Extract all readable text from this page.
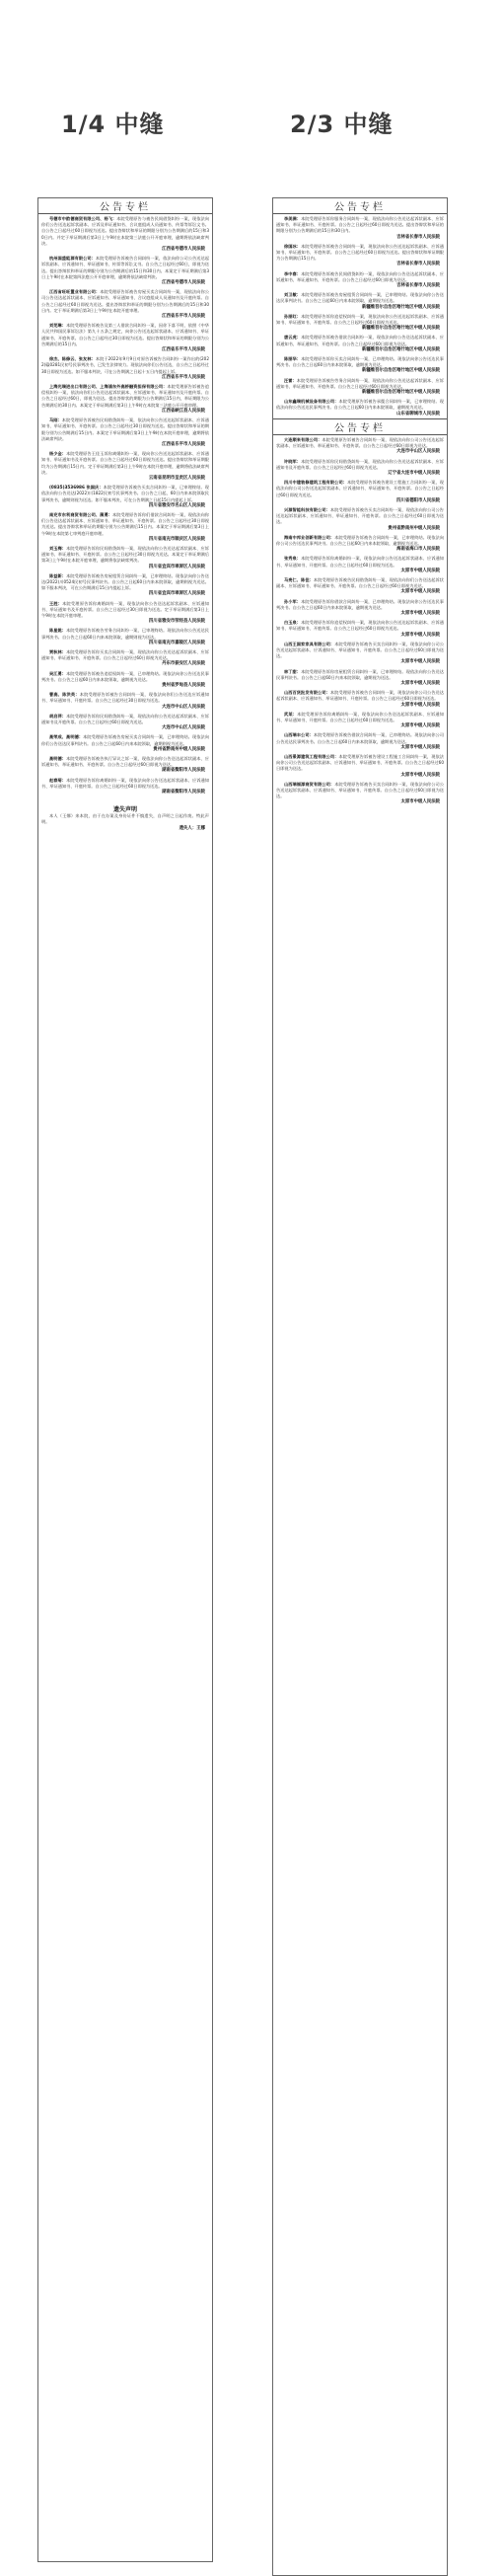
1/4 中缝	2/3 中缝
公告专栏

号德市中韵德商贸有限公司、杨飞：本院受理原告与被告民间借贷纠纷一案，现依法向你们公告送达起诉状副本、应诉及举证通知书、合议庭组成人员通知书、传票等诉讼文书。自公告之日起经过60日即视为送达。提出答辩状和举证的期限分别为公告期满后的15日和30日内。并定于举证期满后第3日上午9时在本院第三法庭公开开庭审理，逾期将依法缺席判决。

江西省号德市人民法院

杭州国盛能源有限公司：本院受理原告诉被告合同纠纷一案，依法向你公司公告送达起诉状副本、应诉通知书、举证通知书、传票等诉讼文书。自公告之日起经过60日，即视为送达。提出答辩状和举证的期限分别为公告期满后的15日和30日内。本案定于举证期满后第3日上午9时在本院第四法庭公开开庭审理，逾期将依法缺席判决。

江西省号德市人民法院

江西省旺旺置业有限公司：本院受理原告诉被告房屋买卖合同纠纷一案，现依法向你公司公告送达起诉状副本、应诉通知书、举证通知书、合议庭组成人员通知书及开庭传票。自公告之日起经过60日即视为送达。提出答辩状和举证的期限分别为公告期满后的15日和30日内。定于举证期满后第3日上午9时在本院开庭审理。

江西省乐平市人民法院

刘芜琳：本院受理原告诉被告及第三人借款合同纠纷一案，因你下落不明，依照《中华人民共和国民事诉讼法》第九十五条之规定，向你公告送达起诉状副本、应诉通知书、举证通知书、开庭传票。自公告之日起经过30日即视为送达。提出答辩状和举证的期限分别为公告期满后的15日内。

江西省乐平市人民法院

徐杰、陈修云、张友林：本院于2022年9月9日对原告诉被告合同纠纷一案作出的(2022)赣0281民初号民事判决书，已发生法律效力。现依法向你们公告送达，自公告之日起经过30日即视为送达。如不服本判决，可在公告期满之日起十五日内提起上诉。

江西省乐平市人民法院

上海光瑞进出口有限公司、上海浦东外高桥融资担保有限公司：本院受理原告诉被告追偿权纠纷一案，依法向你们公告送达起诉状副本、应诉通知书、举证通知书及开庭传票。自公告之日起经过60日，即视为送达。提出答辩状的期限为公告期满后15日内，举证期限为公告期满后的30日内。本案定于举证期满后第3日上午9时在本院第三法庭公开开庭审理。

江西省峡江县人民法院

马刚：本院受理原告诉被告民间借贷纠纷一案，依法向你公告送达起诉状副本、应诉通知书、举证通知书、开庭传票。自公告之日起经过30日即视为送达。提出答辩状和举证的期限分别为公告期满后15日内。本案定于举证期满后第3日上午9时在本院开庭审理，逾期将依法缺席判决。

江西省乐平市人民法院

杨少金：本院受理原告王佳玉诉你离婚纠纷一案，现向你公告送达起诉状副本、应诉通知书、举证通知书及开庭传票。自公告之日起经过60日即视为送达。提出答辩状和举证期限均为公告期满后15日内。定于举证期满后第3日上午9时在本院开庭审理，逾期将依法缺席判决。

云南省昆明市呈贡区人民法院

(0835)3536986 张国庆：本院受理原告诉被告买卖合同纠纷一案，已审理终结。现依法向你公告送达(2022)川1822民初号民事判决书。自公告之日起，60日内来本院领取民事判决书，逾期则视为送达。如不服本判决，可在公告期满之日起15日内提起上诉。

四川省雅安市名山区人民法院

南充市东利商贸有限公司、蒲勇：本院受理原告诉你们借款合同纠纷一案，现依法向你们公告送达起诉状副本、应诉通知书、举证通知书、开庭传票。自公告之日起经过30日即视为送达。提出答辩状和举证的期限分别为公告期满后15日内。本案定于举证期满后第3日上午9时在本院第七审判庭开庭审理。

四川省南充市顺庆区人民法院

刘玉梅：本院受理原告诉你民间借贷纠纷一案，现依法向你公告送达起诉状副本、应诉通知书、举证通知书、开庭传票。自公告之日起经过30日即视为送达。本案定于举证期满后第3日上午9时在本院开庭审理，逾期将依法缺席判决。

四川省宜宾市翠屏区人民法院

陈益新：本院受理原告诉被告房屋租赁合同纠纷一案，已审理终结。现依法向你公告送达(2022)川0524民初号民事判决书。自公告之日起60日内来本院领取，逾期则视为送达。如不服本判决，可在公告期满后15日内提起上诉。

四川省宜宾市翠屏区人民法院

王胜：本院受理原告诉你离婚纠纷一案，现依法向你公告送达起诉状副本、应诉通知书、举证通知书及开庭传票。自公告之日起经过30日即视为送达。定于举证期满后第3日上午9时在本院开庭审理。

四川省雅安市荥经县人民法院

陈星姚：本院受理原告诉被告劳务合同纠纷一案，已审理终结。现依法向你公告送达民事判决书。自公告之日起60日内来本院领取，逾期则视为送达。

四川省南充市嘉陵区人民法院

贾秋林：本院受理原告诉你买卖合同纠纷一案，现依法向你公告送达起诉状副本、应诉通知书、举证通知书、开庭传票。自公告之日起经过60日即视为送达。

丹东市振安区人民法院

吴江勇：本院受理原告诉被告追偿权纠纷一案，已审理终结。现依法向你公告送达民事判决书。自公告之日起60日内来本院领取，逾期视为送达。

贵州省罗甸县人民法院

曹高、陈洪英：本院受理原告诉被告合同纠纷一案，现依法向你们公告送达应诉通知书、举证通知书、开庭传票。自公告之日起经过30日即视为送达。

大连市中山区人民法院

胡启萍：本院受理原告诉你民间借贷纠纷一案，现依法向你公告送达起诉状副本、应诉通知书及开庭传票。自公告之日起经过60日即视为送达。

大连市中山区人民法院

高荣成、高明德：本院受理原告诉被告房屋买卖合同纠纷一案，已审理终结。现依法向你们公告送达民事判决书。自公告之日起60日内来本院领取，逾期则视为送达。

贵州省黔南州中级人民法院

高明德：本院受理原告诉被告执行异议之诉一案，现依法向你公告送达起诉状副本、应诉通知书、举证通知书、开庭传票。自公告之日起经过60日即视为送达。

湖南省衡阳市人民法院

赵春菊：本院受理原告诉你离婚纠纷一案，现依法向你公告送达起诉状副本、应诉通知书、举证通知书、开庭传票。自公告之日起经过60日即视为送达。

湖南省衡阳市人民法院
遗失声明

本人（王娜）来本院，由于在办案及身份证件不慎遗失，自声明之日起作废。特此声明。

遗失人：王娜
公告专栏

李美满：本院受理原告诉你服务合同纠纷一案，现依法向你公告送达起诉状副本、应诉通知书、举证通知书、开庭传票。自公告之日起经过60日即视为送达。提出答辩状和举证的期限分别为公告期满后的15日和30日内。

吉林省长春市人民法院

徐国冰：本院受理原告诉被告合同纠纷一案，现依法向你公告送达起诉状副本、应诉通知书、举证通知书、开庭传票。自公告之日起经过60日即视为送达。提出答辩状和举证期限为公告期满后15日内。

吉林省长春市人民法院

李中春：本院受理原告诉被告民间借贷纠纷一案，现依法向你公告送达起诉状副本、应诉通知书、举证通知书、开庭传票。自公告之日起经过60日即视为送达。

吉林省长春市人民法院

刘卫敏：本院受理原告诉被告房屋租赁合同纠纷一案，已审理终结。现依法向你公告送达民事判决书。自公告之日起60日内来本院领取，逾期视为送达。

新疆维吾尔自治区喀什地区中级人民法院

孙丽红：本院受理原告诉你追偿权纠纷一案，现依法向你公告送达起诉状副本、应诉通知书、举证通知书、开庭传票。自公告之日起经过60日即视为送达。

新疆维吾尔自治区喀什地区中级人民法院

唐云虎：本院受理原告诉被告借款合同纠纷一案，现依法向你公告送达起诉状副本、应诉通知书、举证通知书、开庭传票。自公告之日起经过60日即视为送达。

新疆维吾尔自治区喀什地区中级人民法院

陈丽华：本院受理原告诉你买卖合同纠纷一案，已审理终结。现依法向你公告送达民事判决书。自公告之日起60日内来本院领取，逾期视为送达。

新疆维吾尔自治区喀什地区中级人民法院

汪雷：本院受理原告诉被告劳务合同纠纷一案，现依法向你公告送达起诉状副本、应诉通知书、举证通知书、开庭传票。自公告之日起经过60日即视为送达。

新疆维吾尔自治区喀什地区中级人民法院

山东鑫瑞机械设备有限公司：本院受理原告诉被告承揽合同纠纷一案，已审理终结。现依法向你公告送达民事判决书。自公告之日起60日内来本院领取，逾期视为送达。

山东省聊城市人民法院
公告专栏

大连顺来有限公司：本院受理原告诉被告合同纠纷一案，现依法向你公司公告送达起诉状副本、应诉通知书、举证通知书、开庭传票。自公告之日起经过60日即视为送达。

大连市中山区人民法院

许晓军：本院受理原告诉你民间借贷纠纷一案，现依法向你公告送达起诉状副本、应诉通知书及开庭传票。自公告之日起经过60日即视为送达。

辽宁省大连市中级人民法院

四川中建装修建筑工程有限公司：本院受理原告诉被告建设工程施工合同纠纷一案，现依法向你公司公告送达起诉状副本、应诉通知书、举证通知书、开庭传票。自公告之日起经过60日即视为送达。

四川省德阳市人民法院

兴源智能科技有限公司：本院受理原告诉被告买卖合同纠纷一案，现依法向你公司公告送达起诉状副本、应诉通知书、举证通知书、开庭传票。自公告之日起经过60日即视为送达。

贵州省黔南州中级人民法院

海南中邦业创新有限公司：本院受理原告诉被告合同纠纷一案，已审理终结。现依法向你公司公告送达民事判决书。自公告之日起60日内来本院领取，逾期视为送达。

海南省海口市人民法院

张秀泉：本院受理原告诉你离婚纠纷一案，现依法向你公告送达起诉状副本、应诉通知书、举证通知书、开庭传票。自公告之日起经过60日即视为送达。

太原市中级人民法院

马亮仁、陈佳：本院受理原告诉被告民间借贷纠纷一案，现依法向你们公告送达起诉状副本、应诉通知书、举证通知书、开庭传票。自公告之日起经过60日即视为送达。

太原市中级人民法院

孙小军：本院受理原告诉你借款合同纠纷一案，已审理终结。现依法向你公告送达民事判决书。自公告之日起60日内来本院领取，逾期视为送达。

太原市中级人民法院

白玉泉：本院受理原告诉你追偿权纠纷一案，现依法向你公告送达起诉状副本、应诉通知书、举证通知书、开庭传票。自公告之日起经过60日即视为送达。

太原市中级人民法院

山西王国家家具有限公司：本院受理原告诉被告买卖合同纠纷一案，现依法向你公司公告送达起诉状副本、应诉通知书、举证通知书、开庭传票。自公告之日起经过60日即视为送达。

太原市中级人民法院

林丁甜：本院受理原告诉你房屋租赁合同纠纷一案，已审理终结。现依法向你公告送达民事判决书。自公告之日起60日内来本院领取，逾期视为送达。

太原市中级人民法院

山西百货批发有限公司：本院受理原告诉被告合同纠纷一案，现依法向你公司公告送达起诉状副本、应诉通知书、举证通知书、开庭传票。自公告之日起经过60日即视为送达。

太原市中级人民法院

武某：本院受理原告诉你离婚纠纷一案，现依法向你公告送达起诉状副本、应诉通知书、举证通知书、开庭传票。自公告之日起经过60日即视为送达。

太原市中级人民法院

山西瑞丰公司：本院受理原告诉被告借款合同纠纷一案，已审理终结。现依法向你公司公告送达民事判决书。自公告之日起60日内来本院领取，逾期视为送达。

太原市中级人民法院

山西景源建筑工程有限公司：本院受理原告诉被告建设工程施工合同纠纷一案，现依法向你公司公告送达起诉状副本、应诉通知书、举证通知书、开庭传票。自公告之日起经过60日即视为送达。

太原市中级人民法院

山西瑞福源商贸有限公司：本院受理原告诉被告买卖合同纠纷一案，现依法向你公司公告送达起诉状副本、应诉通知书、举证通知书、开庭传票。自公告之日起经过60日即视为送达。

太原市中级人民法院
